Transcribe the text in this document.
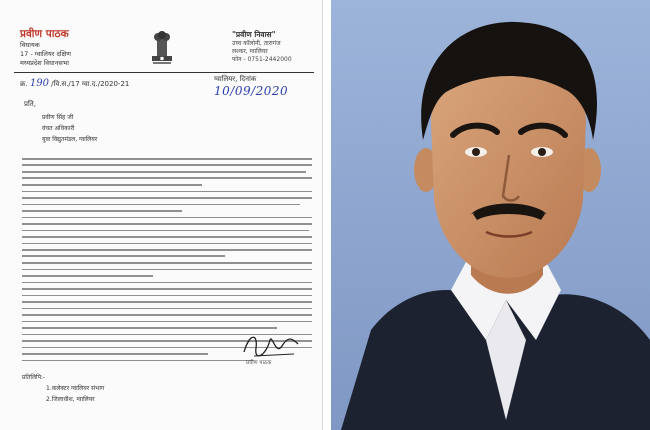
प्रवीण पाठक
विधायक
17 - ग्वालियर दक्षिण
मध्यप्रदेश विधानसभा
"प्रवीण निवास"
उच्च कॉलोनी, तारागंज
लश्कर, ग्वालियर
फोन - 0751-2442000
क्र. 190 /वि.स./17 ग्वा.द./2020-21
ग्वालियर, दिनांक 10/09/2020
प्रति,
प्रवीण सिंह जी
वंचत अधिकारी
युवा विद्युतमंडल, ग्वालियर
प्रवीण पाठक
प्रतिलिपि:-
1.कलेक्टर ग्वालियर संभाग
2.जिलाधीश, ग्वालियर
